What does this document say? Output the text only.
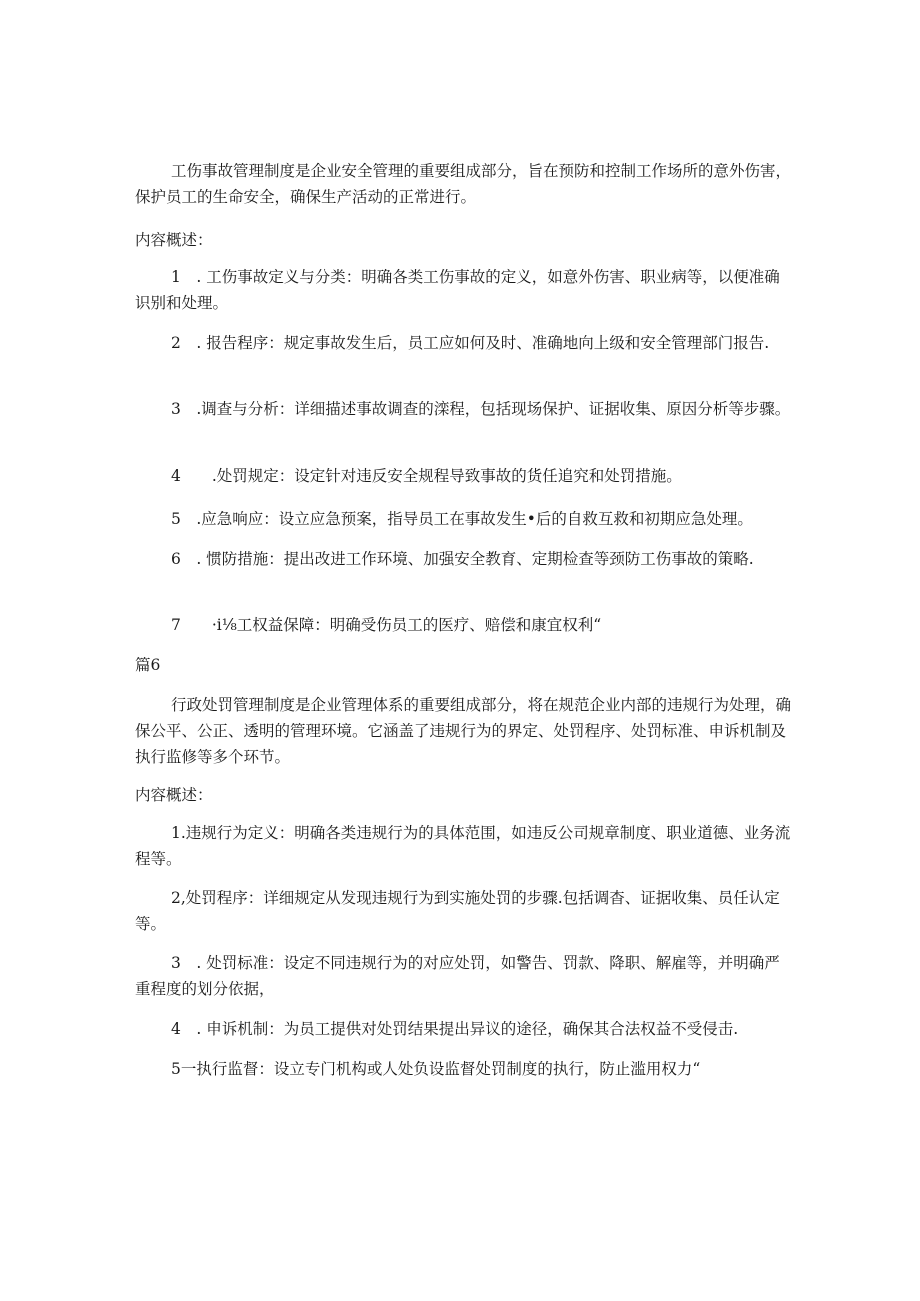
工伤事故管理制度是企业安全管理的重要组成部分，旨在预防和控制工作场所的意外伤害，保护员工的生命安全，确保生产活动的正常进行。

内容概述：

1　. 工伤事故定义与分类：明确各类工伤事故的定义，如意外伤害、职业病等，以便准确识别和处理。

2　. 报告程序：规定事故发生后，员工应如何及时、准确地向上级和安全管理部门报告.

3　.调查与分析：详细描述事故调查的滦程，包括现场保护、证据收集、原因分析等步骤。

4　　.处罚规定：设定针对违反安全规程导致事故的货任追究和处罚措施。

5　.应急响应：设立应急预案，指导员工在事故发生•后的自救互救和初期应急处理。

6　. 惯防措施：提出改进工作环境、加强安全教育、定期检查等颈防工伤事故的策略.

7　　·i⅛工权益保障：明确受伤员工的医疗、赔偿和康宜权利“

篇6

行政处罚管理制度是企业管理体系的重要组成部分，将在规范企业内部的违规行为处理，确保公平、公正、透明的管理环境。它涵盖了违规行为的界定、处罚程序、处罚标准、申诉机制及执行监修等多个环节。

内容概述：

1.违规行为定义：明确各类违规行为的具体范围，如违反公司规章制度、职业道德、业务流程等。

2,处罚程序：详细规定从发现违规行为到实施处罚的步骤.包括调杳、证据收集、员任认定等。

3　. 处罚标准：设定不同违规行为的对应处罚，如警告、罚款、降职、解雇等，并明确严重程度的划分依据，

4　. 申诉机制：为员工提供对处罚结果提出异议的途径，确保其合法权益不受侵击.

5一执行监督：设立专门机构或人处负设监督处罚制度的执行，防止滥用权力“
